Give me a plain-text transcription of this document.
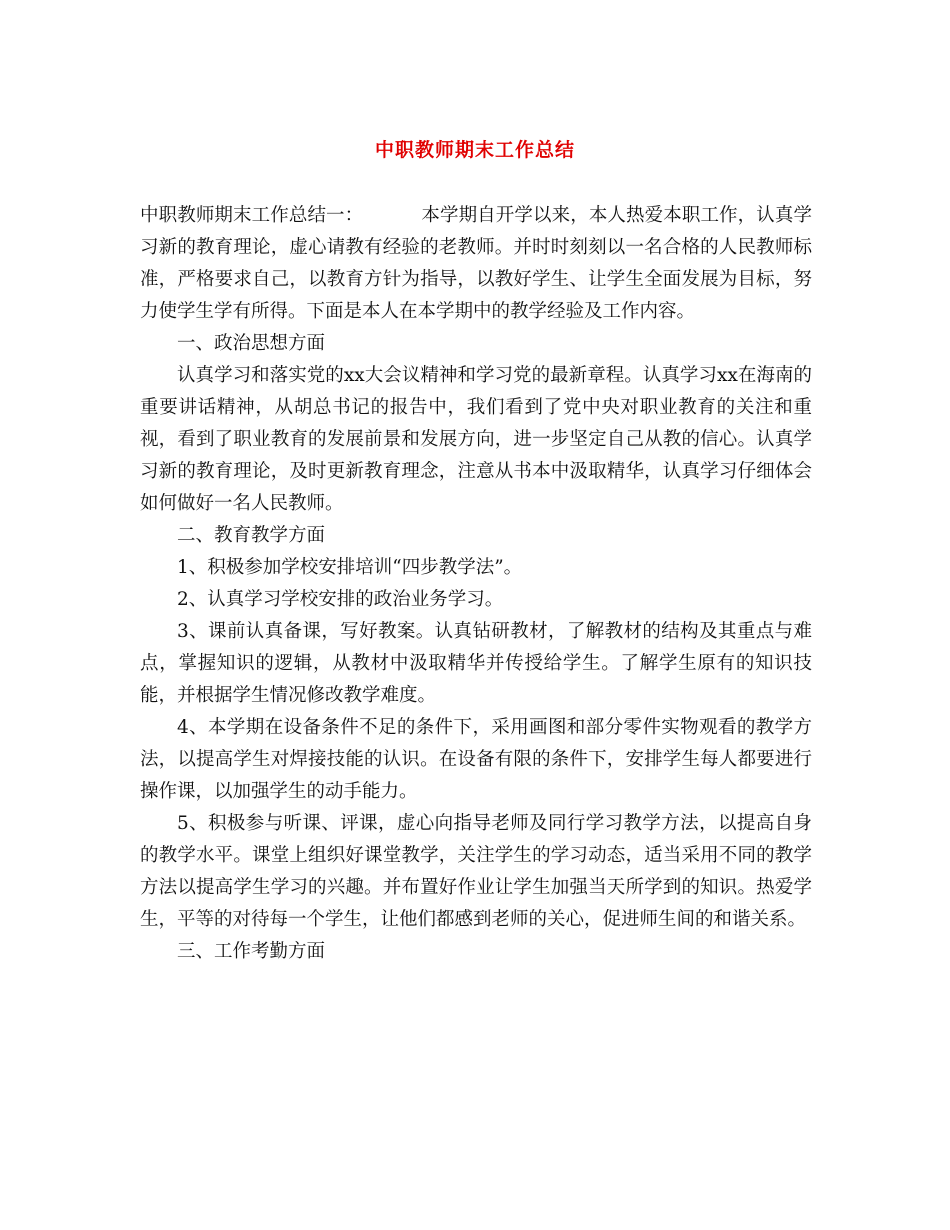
中职教师期末工作总结

中职教师期末工作总结一：	本学期自开学以来，本人热爱本职工作，认真学习新的教育理论，虚心请教有经验的老教师。并时时刻刻以一名合格的人民教师标准，严格要求自己，以教育方针为指导，以教好学生、让学生全面发展为目标，努力使学生学有所得。下面是本人在本学期中的教学经验及工作内容。

一、政治思想方面

认真学习和落实党的xx大会议精神和学习党的最新章程。认真学习xx在海南的重要讲话精神，从胡总书记的报告中，我们看到了党中央对职业教育的关注和重视，看到了职业教育的发展前景和发展方向，进一步坚定自己从教的信心。认真学习新的教育理论，及时更新教育理念，注意从书本中汲取精华，认真学习仔细体会如何做好一名人民教师。

二、教育教学方面

1、积极参加学校安排培训“四步教学法”。

2、认真学习学校安排的政治业务学习。

3、课前认真备课，写好教案。认真钻研教材，了解教材的结构及其重点与难点，掌握知识的逻辑，从教材中汲取精华并传授给学生。了解学生原有的知识技能，并根据学生情况修改教学难度。

4、本学期在设备条件不足的条件下，采用画图和部分零件实物观看的教学方法，以提高学生对焊接技能的认识。在设备有限的条件下，安排学生每人都要进行操作课，以加强学生的动手能力。

5、积极参与听课、评课，虚心向指导老师及同行学习教学方法，以提高自身的教学水平。课堂上组织好课堂教学，关注学生的学习动态，适当采用不同的教学方法以提高学生学习的兴趣。并布置好作业让学生加强当天所学到的知识。热爱学生，平等的对待每一个学生，让他们都感到老师的关心，促进师生间的和谐关系。

三、工作考勤方面
